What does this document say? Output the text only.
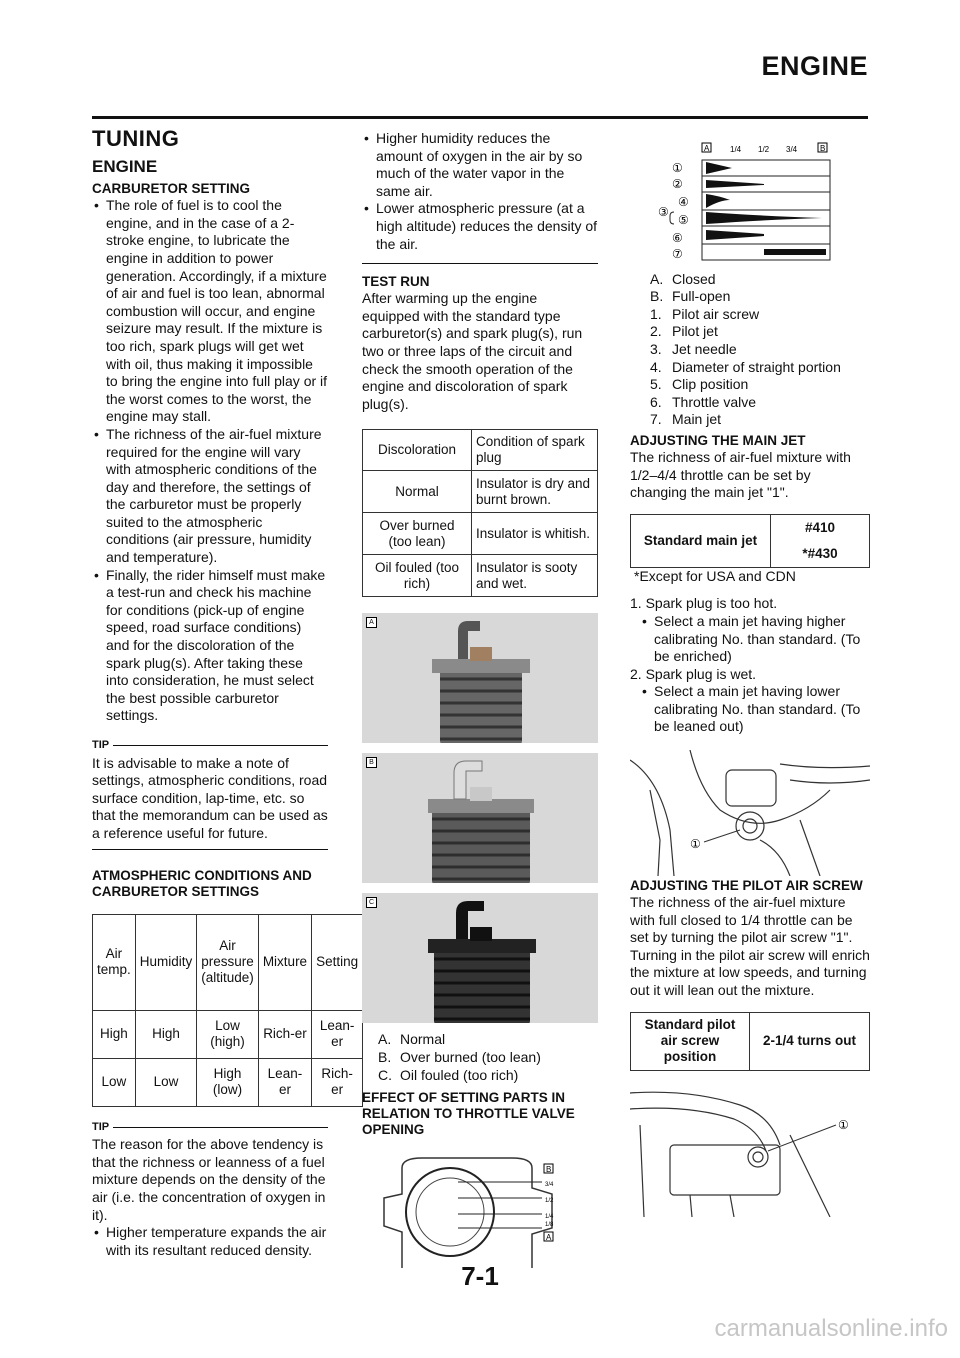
ENGINE
TUNING
ENGINE
CARBURETOR SETTING
• The role of fuel is to cool the engine, and in the case of a 2-stroke engine, to lubricate the engine in addition to power generation. Accordingly, if a mixture of air and fuel is too lean, abnormal combustion will occur, and engine seizure may result. If the mixture is too rich, spark plugs will get wet with oil, thus making it impossible to bring the engine into full play or if the worst comes to the worst, the engine may stall.
• The richness of the air-fuel mixture required for the engine will vary with atmospheric conditions of the day and therefore, the settings of the carburetor must be properly suited to the atmospheric conditions (air pressure, humidity and temperature).
• Finally, the rider himself must make a test-run and check his machine for conditions (pick-up of engine speed, road surface conditions) and for the discoloration of the spark plug(s). After taking these into consideration, he must select the best possible carburetor settings.
TIP

It is advisable to make a note of settings, atmospheric conditions, road surface condition, lap-time, etc. so that the memorandum can be used as a reference useful for future.

ATMOSPHERIC CONDITIONS AND CARBURETOR SETTINGS
Air temp.	Humidity	Air pressure (altitude)	Mixture	Setting
High	High	Low (high)	Rich-er	Lean-er
Low	Low	High (low)	Lean-er	Rich-er
TIP

The reason for the above tendency is that the richness or leanness of a fuel mixture depends on the density of the air (i.e. the concentration of oxygen in it).

• Higher temperature expands the air with its resultant reduced density.
• Higher humidity reduces the amount of oxygen in the air by so much of the water vapor in the same air.
• Lower atmospheric pressure (at a high altitude) reduces the density of the air.
TEST RUN

After warming up the engine equipped with the standard type carburetor(s) and spark plug(s), run two or three laps of the circuit and check the smooth operation of the engine and discoloration of spark plug(s).

Discoloration	Condition of spark plug
Normal	Insulator is dry and burnt brown.
Over burned (too lean)	Insulator is whitish.
Oil fouled (too rich)	Insulator is sooty and wet.
A
B
C
A. Normal
B. Over burned (too lean)
C. Oil fouled (too rich)
EFFECT OF SETTING PARTS IN RELATION TO THROTTLE VALVE OPENING
B
3/4
1/2
1/4
1/8
A
A	1/4 1/2 3/4	B
①
②
③
④
⑤
⑥
⑦
A. Closed
B. Full-open
1. Pilot air screw
2. Pilot jet
3. Jet needle
4. Diameter of straight portion
5. Clip position
6. Throttle valve
7. Main jet
ADJUSTING THE MAIN JET

The richness of air-fuel mixture with 1/2–4/4 throttle can be set by changing the main jet "1".

Standard main jet	#410
*#430

*Except for USA and CDN

1. Spark plug is too hot.
• Select a main jet having higher calibrating No. than standard. (To be enriched)
2. Spark plug is wet.
• Select a main jet having lower calibrating No. than standard. (To be leaned out)
①
ADJUSTING THE PILOT AIR SCREW

The richness of the air-fuel mixture with full closed to 1/4 throttle can be set by turning the pilot air screw "1". Turning in the pilot air screw will enrich the mixture at low speeds, and turning out it will lean out the mixture.

Standard pilot air screw position	2-1/4 turns out
①
7-1
carmanualsonline.info
